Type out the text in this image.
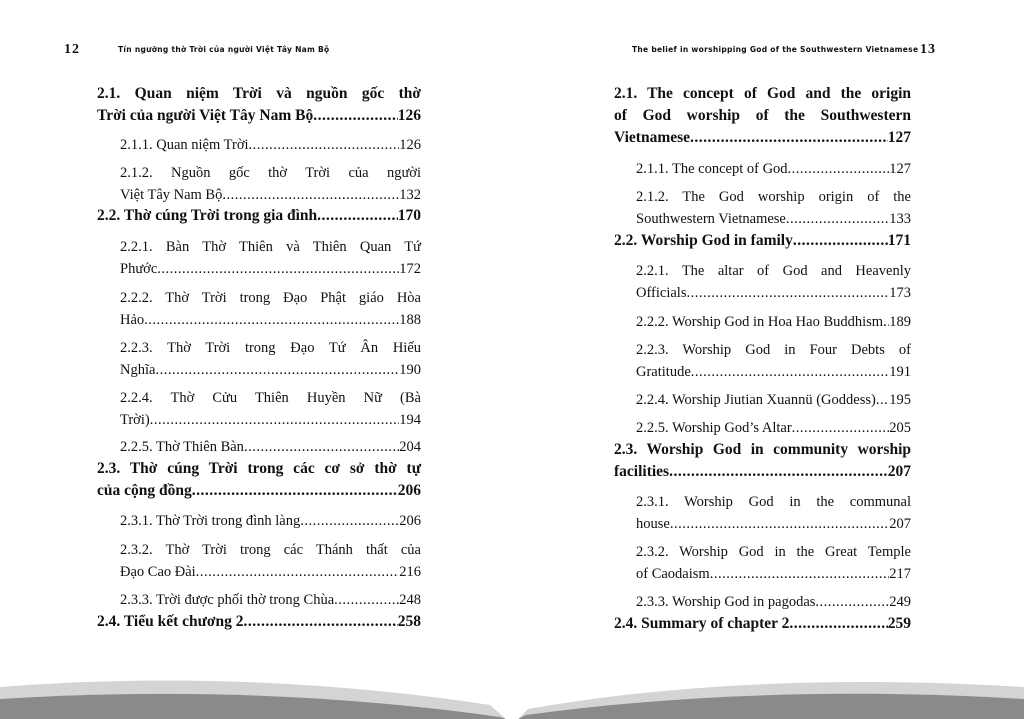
12	Tín ngưỡng thờ Trời của người Việt Tây Nam Bộ
2.1. Quan niệm Trời và nguồn gốc thờ
Trời của người Việt Tây Nam Bộ .....	126
2.1.1. Quan niệm Trời .....	126
2.1.2. Nguồn gốc thờ Trời của người
Việt Tây Nam Bộ .....	132
2.2. Thờ cúng Trời trong gia đình .....	170
2.2.1. Bàn Thờ Thiên và Thiên Quan Tứ
Phước .....	172
2.2.2. Thờ Trời trong Đạo Phật giáo Hòa
Hảo .....	188
2.2.3. Thờ Trời trong Đạo Tứ Ân Hiếu
Nghĩa .....	190
2.2.4. Thờ Cửu Thiên Huyền Nữ (Bà
Trời) .....	194
2.2.5. Thờ Thiên Bàn .....	204
2.3. Thờ cúng Trời trong các cơ sở thờ tự
của cộng đồng .....	206
2.3.1. Thờ Trời trong đình làng .....	206
2.3.2. Thờ Trời trong các Thánh thất của
Đạo Cao Đài .....	216
2.3.3. Trời được phối thờ trong Chùa .....	248
2.4. Tiểu kết chương 2 .....	258
The belief in worshipping God of the Southwestern Vietnamese 13
2.1. The concept of God and the origin
of God worship of the Southwestern
Vietnamese .....	127
2.1.1. The concept of God .....	127
2.1.2. The God worship origin of the
Southwestern Vietnamese .....	133
2.2. Worship God in family .....	171
2.2.1. The altar of God and Heavenly
Officials .....	173
2.2.2. Worship God in Hoa Hao Buddhism ..... 189
2.2.3. Worship God in Four Debts of
Gratitude .....	191
2.2.4. Worship Jiutian Xuannü (Goddess) ..... 195
2.2.5. Worship God’s Altar .....	205
2.3. Worship God in community worship
facilities .....	207
2.3.1. Worship God in the communal
house .....	207
2.3.2. Worship God in the Great Temple
of Caodaism .....	217
2.3.3. Worship God in pagodas .....	249
2.4. Summary of chapter 2 .....	259
